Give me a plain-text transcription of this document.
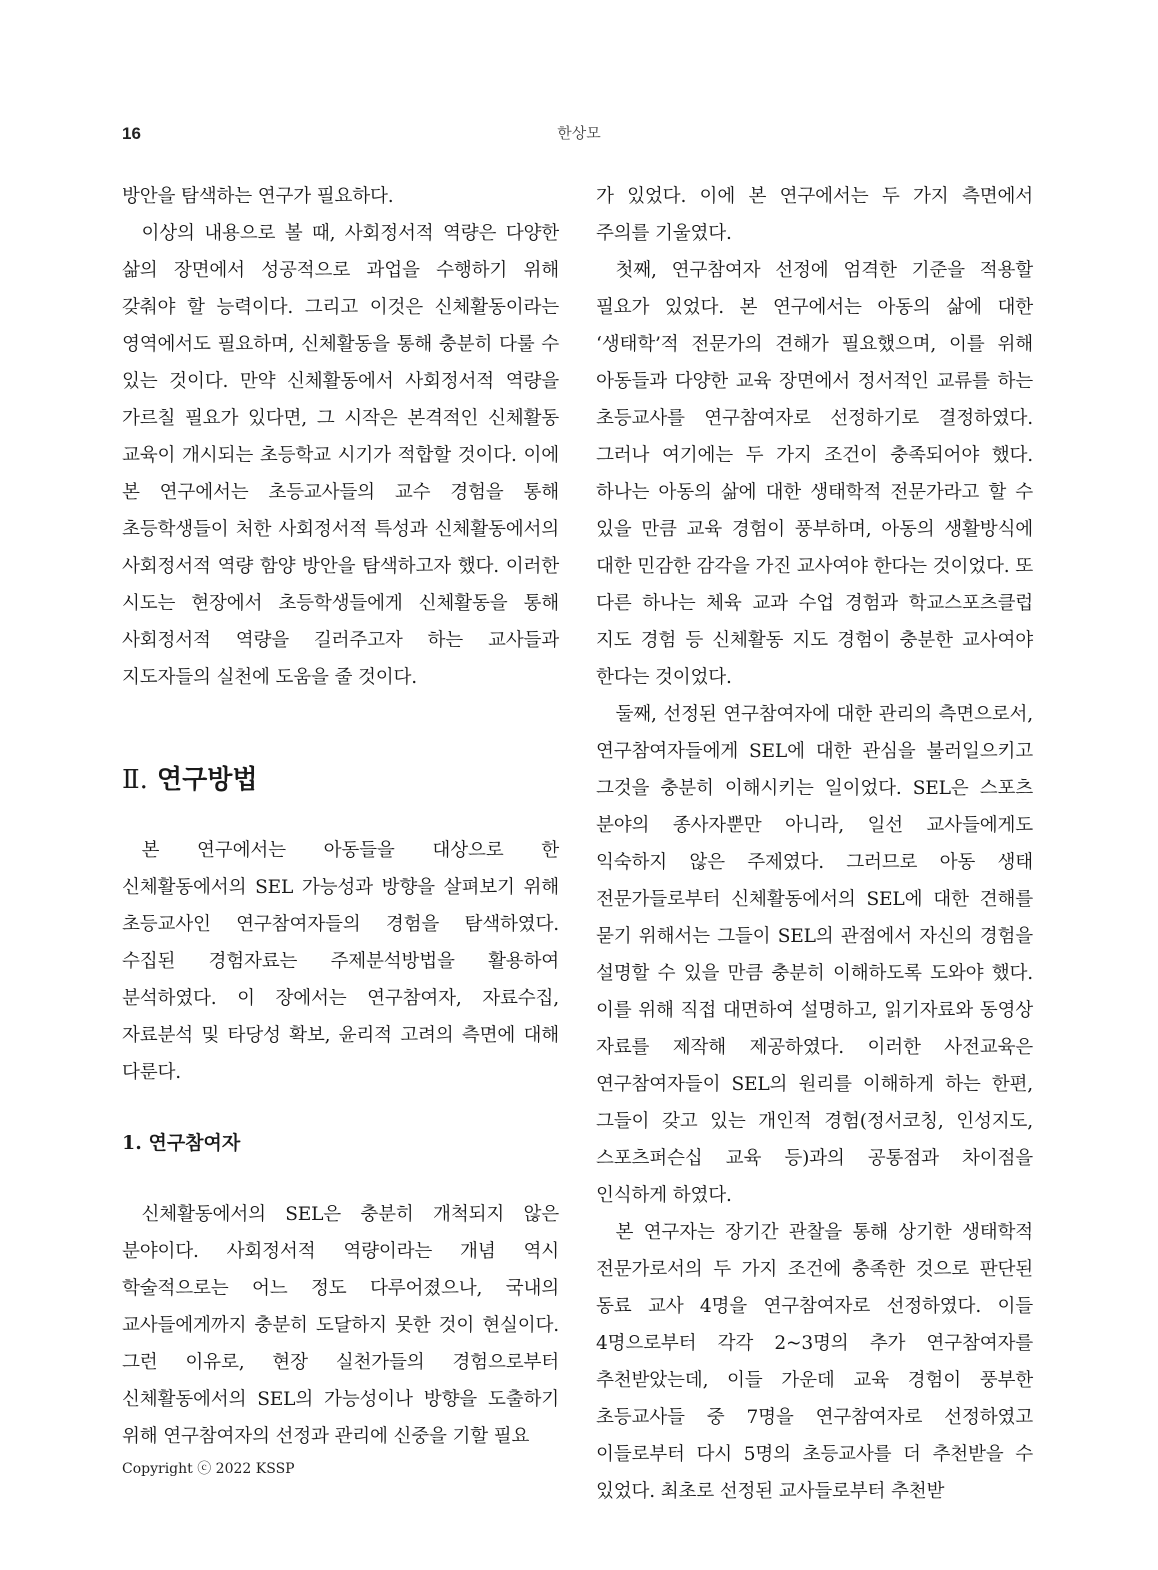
16	한상모

방안을 탐색하는 연구가 필요하다.

이상의 내용으로 볼 때, 사회정서적 역량은 다양한 삶의 장면에서 성공적으로 과업을 수행하기 위해 갖춰야 할 능력이다. 그리고 이것은 신체활동이라는 영역에서도 필요하며, 신체활동을 통해 충분히 다룰 수 있는 것이다. 만약 신체활동에서 사회정서적 역량을 가르칠 필요가 있다면, 그 시작은 본격적인 신체활동 교육이 개시되는 초등학교 시기가 적합할 것이다. 이에 본 연구에서는 초등교사들의 교수 경험을 통해 초등학생들이 처한 사회정서적 특성과 신체활동에서의 사회정서적 역량 함양 방안을 탐색하고자 했다. 이러한 시도는 현장에서 초등학생들에게 신체활동을 통해 사회정서적 역량을 길러주고자 하는 교사들과 지도자들의 실천에 도움을 줄 것이다.

Ⅱ. 연구방법

본 연구에서는 아동들을 대상으로 한 신체활동에서의 SEL 가능성과 방향을 살펴보기 위해 초등교사인 연구참여자들의 경험을 탐색하였다. 수집된 경험자료는 주제분석방법을 활용하여 분석하였다. 이 장에서는 연구참여자, 자료수집, 자료분석 및 타당성 확보, 윤리적 고려의 측면에 대해 다룬다.

1. 연구참여자

신체활동에서의 SEL은 충분히 개척되지 않은 분야이다. 사회정서적 역량이라는 개념 역시 학술적으로는 어느 정도 다루어졌으나, 국내의 교사들에게까지 충분히 도달하지 못한 것이 현실이다. 그런 이유로, 현장 실천가들의 경험으로부터 신체활동에서의 SEL의 가능성이나 방향을 도출하기 위해 연구참여자의 선정과 관리에 신중을 기할 필요

가 있었다. 이에 본 연구에서는 두 가지 측면에서 주의를 기울였다.

첫째, 연구참여자 선정에 엄격한 기준을 적용할 필요가 있었다. 본 연구에서는 아동의 삶에 대한 ‘생태학’적 전문가의 견해가 필요했으며, 이를 위해 아동들과 다양한 교육 장면에서 정서적인 교류를 하는 초등교사를 연구참여자로 선정하기로 결정하였다. 그러나 여기에는 두 가지 조건이 충족되어야 했다. 하나는 아동의 삶에 대한 생태학적 전문가라고 할 수 있을 만큼 교육 경험이 풍부하며, 아동의 생활방식에 대한 민감한 감각을 가진 교사여야 한다는 것이었다. 또 다른 하나는 체육 교과 수업 경험과 학교스포츠클럽 지도 경험 등 신체활동 지도 경험이 충분한 교사여야 한다는 것이었다.

둘째, 선정된 연구참여자에 대한 관리의 측면으로서, 연구참여자들에게 SEL에 대한 관심을 불러일으키고 그것을 충분히 이해시키는 일이었다. SEL은 스포츠 분야의 종사자뿐만 아니라, 일선 교사들에게도 익숙하지 않은 주제였다. 그러므로 아동 생태 전문가들로부터 신체활동에서의 SEL에 대한 견해를 묻기 위해서는 그들이 SEL의 관점에서 자신의 경험을 설명할 수 있을 만큼 충분히 이해하도록 도와야 했다. 이를 위해 직접 대면하여 설명하고, 읽기자료와 동영상 자료를 제작해 제공하였다. 이러한 사전교육은 연구참여자들이 SEL의 원리를 이해하게 하는 한편, 그들이 갖고 있는 개인적 경험(정서코칭, 인성지도, 스포츠퍼슨십 교육 등)과의 공통점과 차이점을 인식하게 하였다.

본 연구자는 장기간 관찰을 통해 상기한 생태학적 전문가로서의 두 가지 조건에 충족한 것으로 판단된 동료 교사 4명을 연구참여자로 선정하였다. 이들 4명으로부터 각각 2~3명의 추가 연구참여자를 추천받았는데, 이들 가운데 교육 경험이 풍부한 초등교사들 중 7명을 연구참여자로 선정하였고 이들로부터 다시 5명의 초등교사를 더 추천받을 수 있었다. 최초로 선정된 교사들로부터 추천받

Copyright ⓒ 2022 KSSP
